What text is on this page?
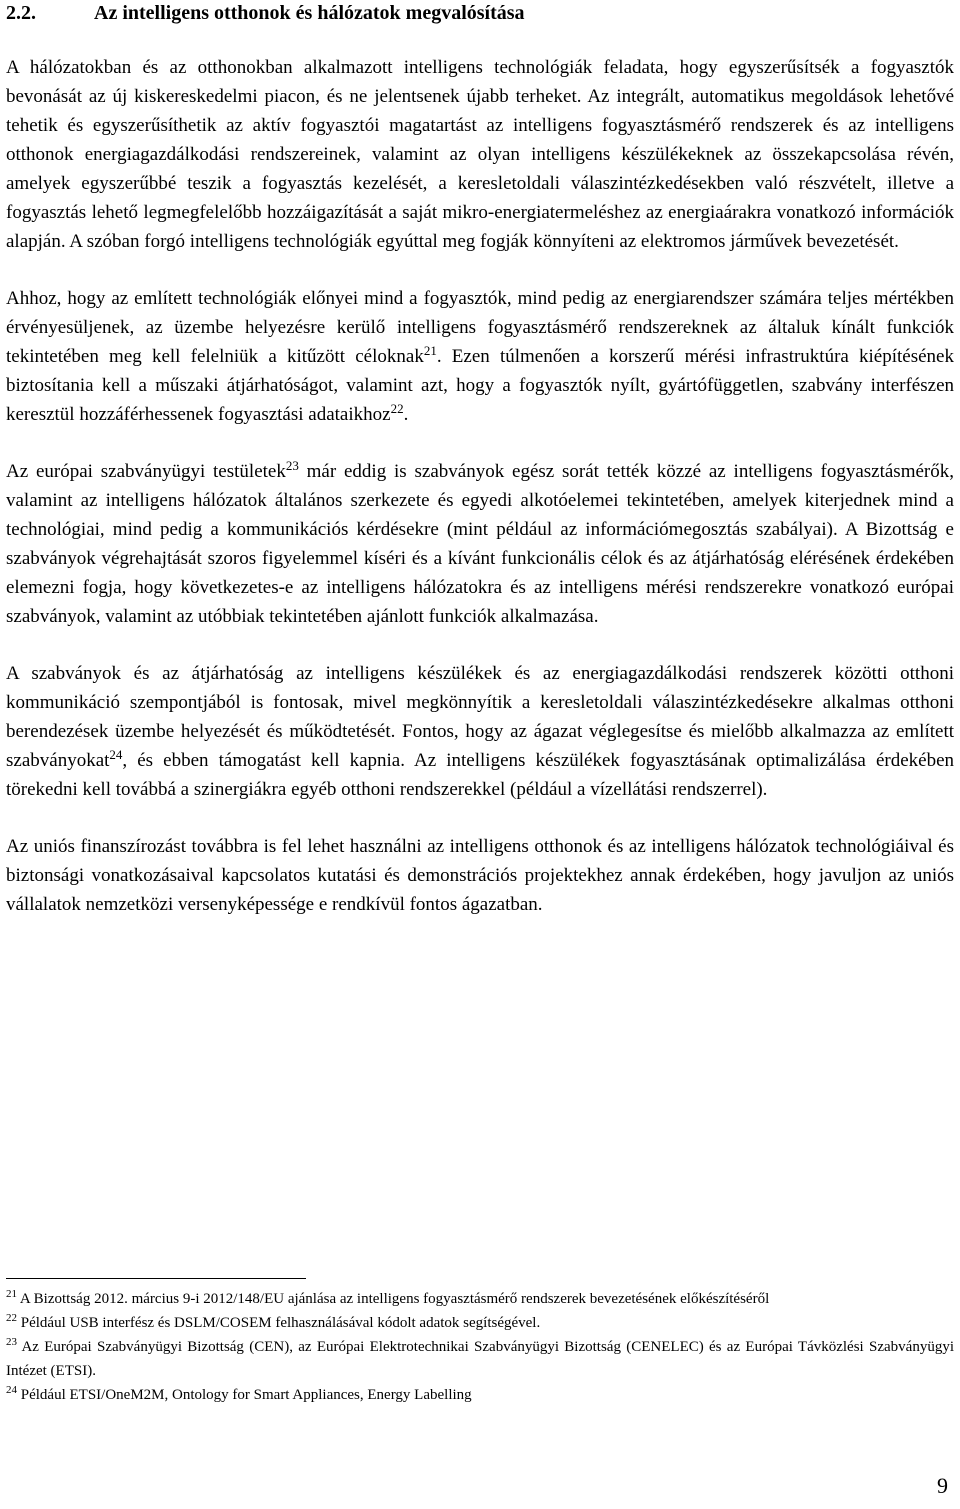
2.2.	Az intelligens otthonok és hálózatok megvalósítása

A hálózatokban és az otthonokban alkalmazott intelligens technológiák feladata, hogy egyszerűsítsék a fogyasztók bevonását az új kiskereskedelmi piacon, és ne jelentsenek újabb terheket. Az integrált, automatikus megoldások lehetővé tehetik és egyszerűsíthetik az aktív fogyasztói magatartást az intelligens fogyasztásmérő rendszerek és az intelligens otthonok energiagazdálkodási rendszereinek, valamint az olyan intelligens készülékeknek az összekapcsolása révén, amelyek egyszerűbbé teszik a fogyasztás kezelését, a keresletoldali válaszintézkedésekben való részvételt, illetve a fogyasztás lehető legmegfelelőbb hozzáigazítását a saját mikro-energiatermeléshez az energiaárakra vonatkozó információk alapján. A szóban forgó intelligens technológiák egyúttal meg fogják könnyíteni az elektromos járművek bevezetését.

Ahhoz, hogy az említett technológiák előnyei mind a fogyasztók, mind pedig az energiarendszer számára teljes mértékben érvényesüljenek, az üzembe helyezésre kerülő intelligens fogyasztásmérő rendszereknek az általuk kínált funkciók tekintetében meg kell felelniük a kitűzött céloknak$^{21}$. Ezen túlmenően a korszerű mérési infrastruktúra kiépítésének biztosítania kell a műszaki átjárhatóságot, valamint azt, hogy a fogyasztók nyílt, gyártófüggetlen, szabvány interfészen keresztül hozzáférhessenek fogyasztási adataikhoz$^{22}$.

Az európai szabványügyi testületek$^{23}$ már eddig is szabványok egész sorát tették közzé az intelligens fogyasztásmérők, valamint az intelligens hálózatok általános szerkezete és egyedi alkotóelemei tekintetében, amelyek kiterjednek mind a technológiai, mind pedig a kommunikációs kérdésekre (mint például az információmegosztás szabályai). A Bizottság e szabványok végrehajtását szoros figyelemmel kíséri és a kívánt funkcionális célok és az átjárhatóság elérésének érdekében elemezni fogja, hogy következetes-e az intelligens hálózatokra és az intelligens mérési rendszerekre vonatkozó európai szabványok, valamint az utóbbiak tekintetében ajánlott funkciók alkalmazása.

A szabványok és az átjárhatóság az intelligens készülékek és az energiagazdálkodási rendszerek közötti otthoni kommunikáció szempontjából is fontosak, mivel megkönnyítik a keresletoldali válaszintézkedésekre alkalmas otthoni berendezések üzembe helyezését és működtetését. Fontos, hogy az ágazat véglegesítse és mielőbb alkalmazza az említett szabványokat$^{24}$, és ebben támogatást kell kapnia. Az intelligens készülékek fogyasztásának optimalizálása érdekében törekedni kell továbbá a szinergiákra egyéb otthoni rendszerekkel (például a vízellátási rendszerrel).

Az uniós finanszírozást továbbra is fel lehet használni az intelligens otthonok és az intelligens hálózatok technológiáival és biztonsági vonatkozásaival kapcsolatos kutatási és demonstrációs projektekhez annak érdekében, hogy javuljon az uniós vállalatok nemzetközi versenyképessége e rendkívül fontos ágazatban.

$^{21}$ A Bizottság 2012. március 9-i 2012/148/EU ajánlása az intelligens fogyasztásmérő rendszerek bevezetésének előkészítéséről

$^{22}$ Például USB interfész és DSLM/COSEM felhasználásával kódolt adatok segítségével.

$^{23}$ Az Európai Szabványügyi Bizottság (CEN), az Európai Elektrotechnikai Szabványügyi Bizottság (CENELEC) és az Európai Távközlési Szabványügyi Intézet (ETSI).

$^{24}$ Például ETSI/OneM2M, Ontology for Smart Appliances, Energy Labelling

9
